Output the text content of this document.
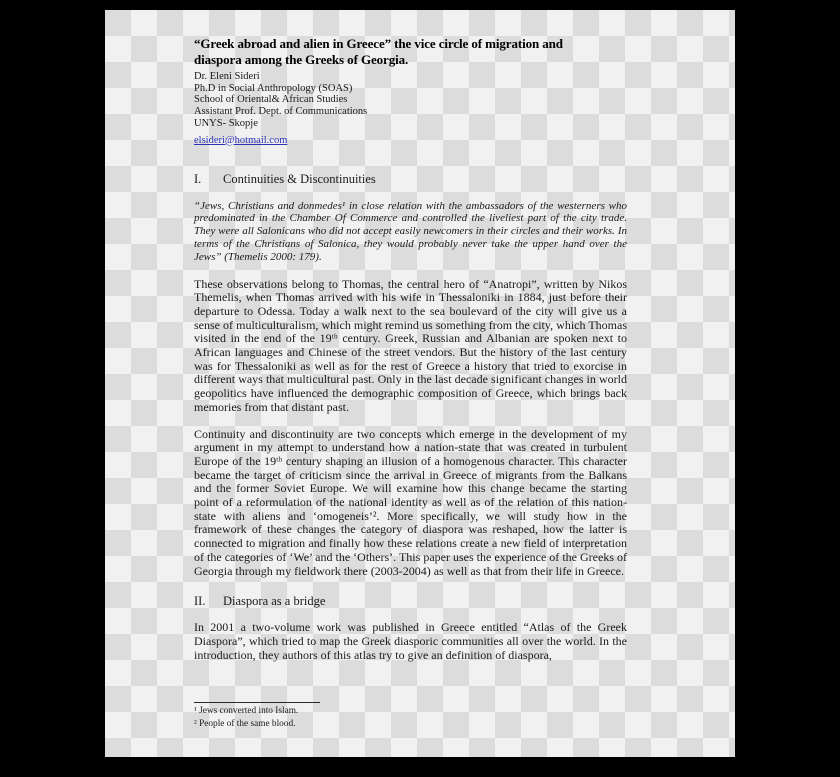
“Greek abroad and alien in Greece” the vice circle of migration and
diaspora among the Greeks of Georgia.
Dr. Eleni Sideri
Ph.D in Social Anthropology (SOAS)
School of Oriental& African Studies
Assistant Prof. Dept. of Communications
UNYS- Skopje
elsideri@hotmail.com
I. Continuities & Discontinuities

“Jews, Christians and donmedes¹ in close relation with the ambassadors of the westerners who predominated in the Chamber Of Commerce and controlled the liveliest part of the city trade. They were all Salonicans who did not accept easily newcomers in their circles and their works. In terms of the Christians of Salonica, they would probably never take the upper hand over the Jews” (Themelis 2000: 179).

These observations belong to Thomas, the central hero of “Anatropi”, written by Nikos Themelis, when Thomas arrived with his wife in Thessaloniki in 1884, just before their departure to Odessa. Today a walk next to the sea boulevard of the city will give us a sense of multiculturalism, which might remind us something from the city, which Thomas visited in the end of the 19ᵗʰ century. Greek, Russian and Albanian are spoken next to African languages and Chinese of the street vendors. But the history of the last century was for Thessaloniki as well as for the rest of Greece a history that tried to exorcise in different ways that multicultural past. Only in the last decade significant changes in world geopolitics have influenced the demographic composition of Greece, which brings back memories from that distant past.

Continuity and discontinuity are two concepts which emerge in the development of my argument in my attempt to understand how a nation-state that was created in turbulent Europe of the 19ᵗʰ century shaping an illusion of a homogenous character. This character became the target of criticism since the arrival in Greece of migrants from the Balkans and the former Soviet Europe. We will examine how this change became the starting point of a reformulation of the national identity as well as of the relation of this nation-state with aliens and ‘omogeneis’². More specifically, we will study how in the framework of these changes the category of diaspora was reshaped, how the latter is connected to migration and finally how these relations create a new field of interpretation of the categories of ‘We’ and the ‘Others’. This paper uses the experience of the Greeks of Georgia through my fieldwork there (2003-2004) as well as that from their life in Greece.

II. Diaspora as a bridge

In 2001 a two-volume work was published in Greece entitled “Atlas of the Greek Diaspora”, which tried to map the Greek diasporic communities all over the world. In the introduction, they authors of this atlas try to give an definition of diaspora,

¹ Jews converted into Islam.
² People of the same blood.
